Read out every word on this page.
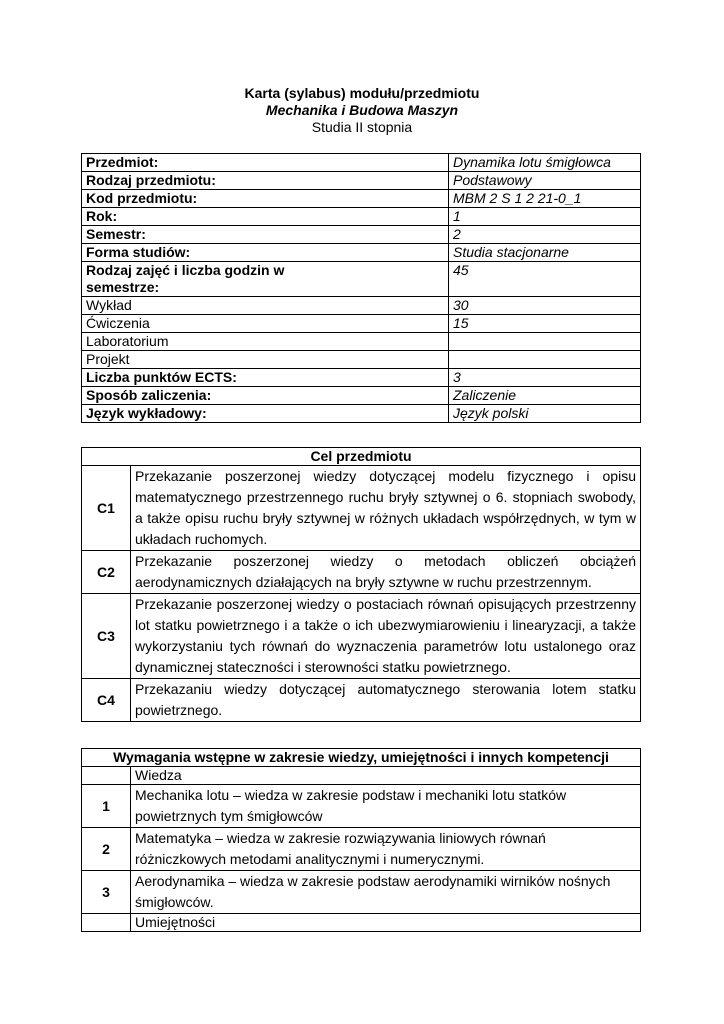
Karta (sylabus) modułu/przedmiotu
Mechanika i Budowa Maszyn
Studia II stopnia
Przedmiot:	Dynamika lotu śmigłowca
Rodzaj przedmiotu:	Podstawowy
Kod przedmiotu:	MBM 2 S 1 2 21-0_1
Rok:	1
Semestr:	2
Forma studiów:	Studia stacjonarne
Rodzaj zajęć i liczba godzin w semestrze:	45
Wykład	30
Ćwiczenia	15
Laboratorium	
Projekt	
Liczba punktów ECTS:	3
Sposób zaliczenia:	Zaliczenie
Język wykładowy:	Język polski
Cel przedmiotu	
C1	Przekazanie poszerzonej wiedzy dotyczącej modelu fizycznego i opisu matematycznego przestrzennego ruchu bryły sztywnej o 6. stopniach swobody, a także opisu ruchu bryły sztywnej w różnych układach współrzędnych, w tym w układach ruchomych.
C2	Przekazanie poszerzonej wiedzy o metodach obliczeń obciążeń aerodynamicznych działających na bryły sztywne w ruchu przestrzennym.
C3	Przekazanie poszerzonej wiedzy o postaciach równań opisujących przestrzenny lot statku powietrznego i a także o ich ubezwymiarowieniu i linearyzacji, a także wykorzystaniu tych równań do wyznaczenia parametrów lotu ustalonego oraz dynamicznej stateczności i sterowności statku powietrznego.
C4	Przekazaniu wiedzy dotyczącej automatycznego sterowania lotem statku powietrznego.
Wymagania wstępne w zakresie wiedzy, umiejętności i innych kompetencji	
	Wiedza
1	Mechanika lotu – wiedza w zakresie podstaw i mechaniki lotu statków powietrznych tym śmigłowców
2	Matematyka – wiedza w zakresie rozwiązywania liniowych równań różniczkowych metodami analitycznymi i numerycznymi.
3	Aerodynamika – wiedza w zakresie podstaw aerodynamiki wirników nośnych śmigłowców.
	Umiejętności
